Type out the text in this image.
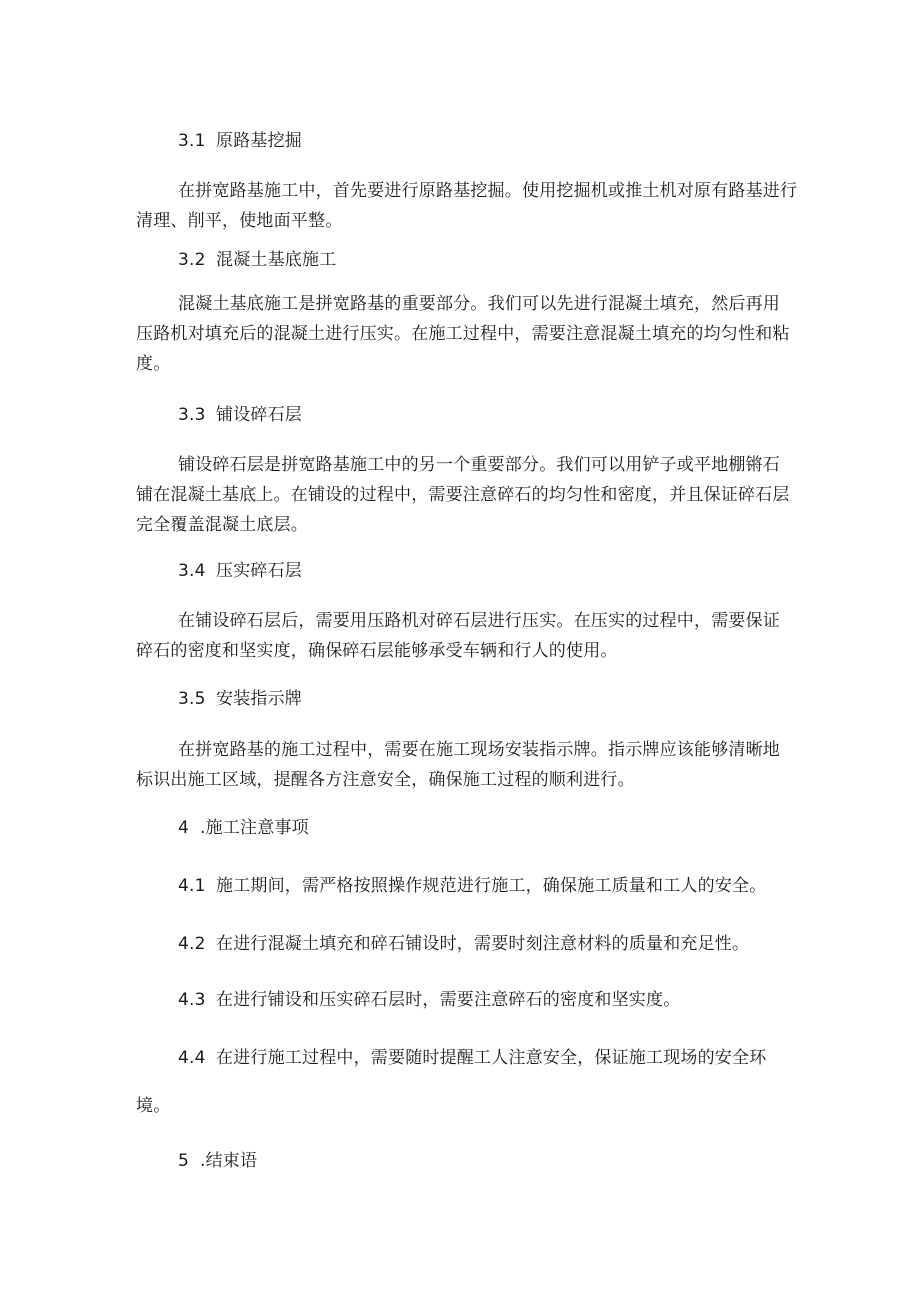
3.1 原路基挖掘
在拼宽路基施工中，首先要进行原路基挖掘。使用挖掘机或推土机对原有路基进行
清理、削平，使地面平整。
3.2 混凝土基底施工
混凝土基底施工是拼宽路基的重要部分。我们可以先进行混凝土填充，然后再用
压路机对填充后的混凝土进行压实。在施工过程中，需要注意混凝土填充的均匀性和粘
度。
3.3 铺设碎石层
铺设碎石层是拼宽路基施工中的另一个重要部分。我们可以用铲子或平地棚锵石
铺在混凝土基底上。在铺设的过程中，需要注意碎石的均匀性和密度，并且保证碎石层
完全覆盖混凝土底层。
3.4 压实碎石层
在铺设碎石层后，需要用压路机对碎石层进行压实。在压实的过程中，需要保证
碎石的密度和坚实度，确保碎石层能够承受车辆和行人的使用。
3.5 安装指示牌
在拼宽路基的施工过程中，需要在施工现场安装指示牌。指示牌应该能够清晰地
标识出施工区域，提醒各方注意安全，确保施工过程的顺利进行。
4 .施工注意事项
4.1 施工期间，需严格按照操作规范进行施工，确保施工质量和工人的安全。
4.2 在进行混凝土填充和碎石铺设时，需要时刻注意材料的质量和充足性。
4.3 在进行铺设和压实碎石层时，需要注意碎石的密度和坚实度。
4.4 在进行施工过程中，需要随时提醒工人注意安全，保证施工现场的安全环
境。
5 .结束语
